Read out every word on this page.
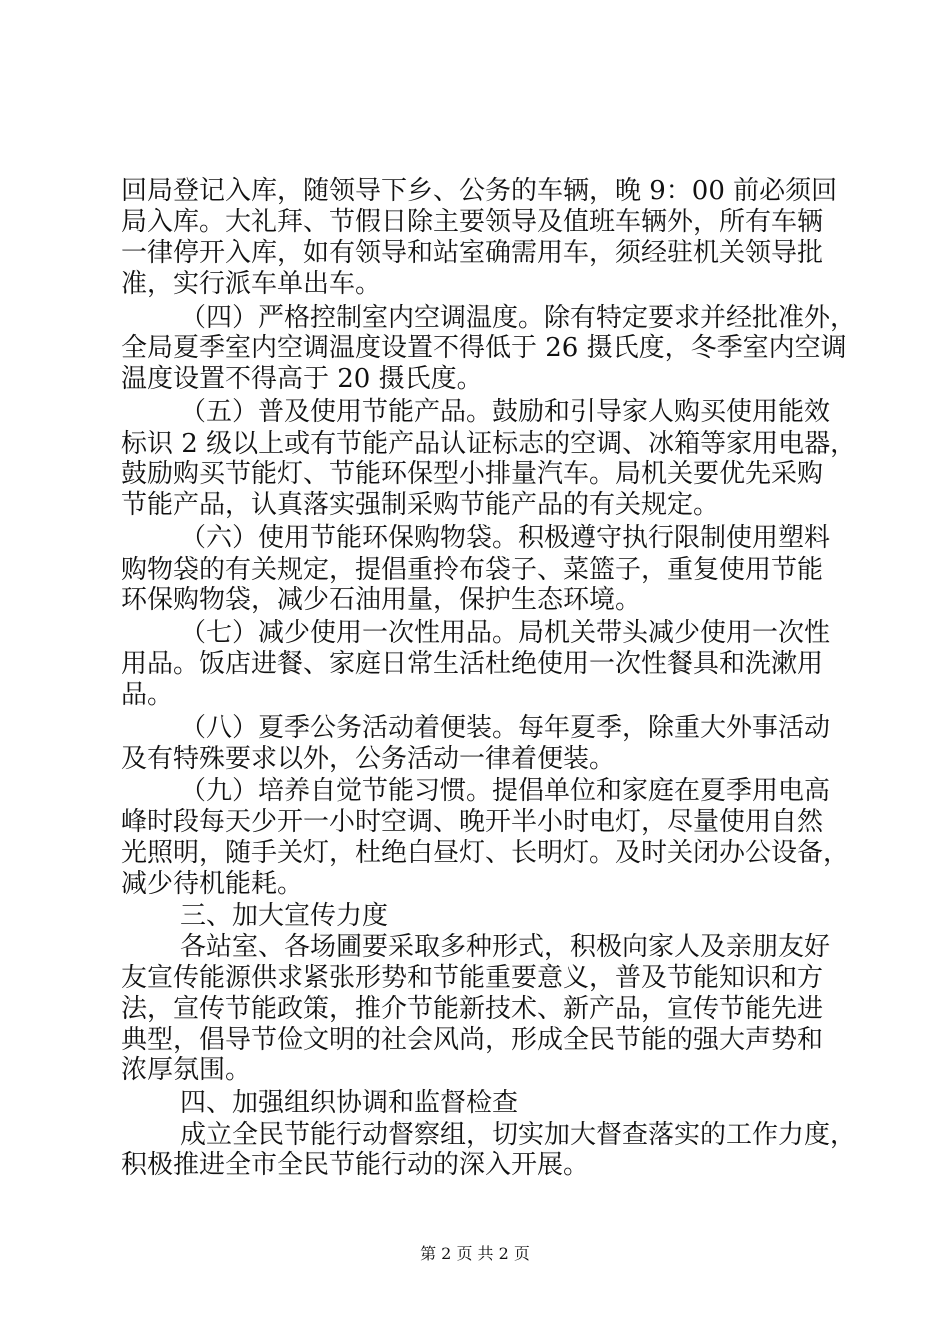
回局登记入库，随领导下乡、公务的车辆，晚 9：00 前必须回

局入库。大礼拜、节假日除主要领导及值班车辆外，所有车辆

一律停开入库，如有领导和站室确需用车，须经驻机关领导批

准，实行派车单出车。

（四）严格控制室内空调温度。除有特定要求并经批准外，

全局夏季室内空调温度设置不得低于 26 摄氏度，冬季室内空调

温度设置不得高于 20 摄氏度。

（五）普及使用节能产品。鼓励和引导家人购买使用能效

标识 2 级以上或有节能产品认证标志的空调、冰箱等家用电器，

鼓励购买节能灯、节能环保型小排量汽车。局机关要优先采购

节能产品，认真落实强制采购节能产品的有关规定。

（六）使用节能环保购物袋。积极遵守执行限制使用塑料

购物袋的有关规定，提倡重拎布袋子、菜篮子，重复使用节能

环保购物袋，减少石油用量，保护生态环境。

（七）减少使用一次性用品。局机关带头减少使用一次性

用品。饭店进餐、家庭日常生活杜绝使用一次性餐具和洗漱用

品。

（八）夏季公务活动着便装。每年夏季，除重大外事活动

及有特殊要求以外，公务活动一律着便装。

（九）培养自觉节能习惯。提倡单位和家庭在夏季用电高

峰时段每天少开一小时空调、晚开半小时电灯，尽量使用自然

光照明，随手关灯，杜绝白昼灯、长明灯。及时关闭办公设备，

减少待机能耗。

三、加大宣传力度

各站室、各场圃要采取多种形式，积极向家人及亲朋友好

友宣传能源供求紧张形势和节能重要意义，普及节能知识和方

法，宣传节能政策，推介节能新技术、新产品，宣传节能先进

典型，倡导节俭文明的社会风尚，形成全民节能的强大声势和

浓厚氛围。

四、加强组织协调和监督检查

成立全民节能行动督察组，切实加大督查落实的工作力度，

积极推进全市全民节能行动的深入开展。

第 2 页 共 2 页
